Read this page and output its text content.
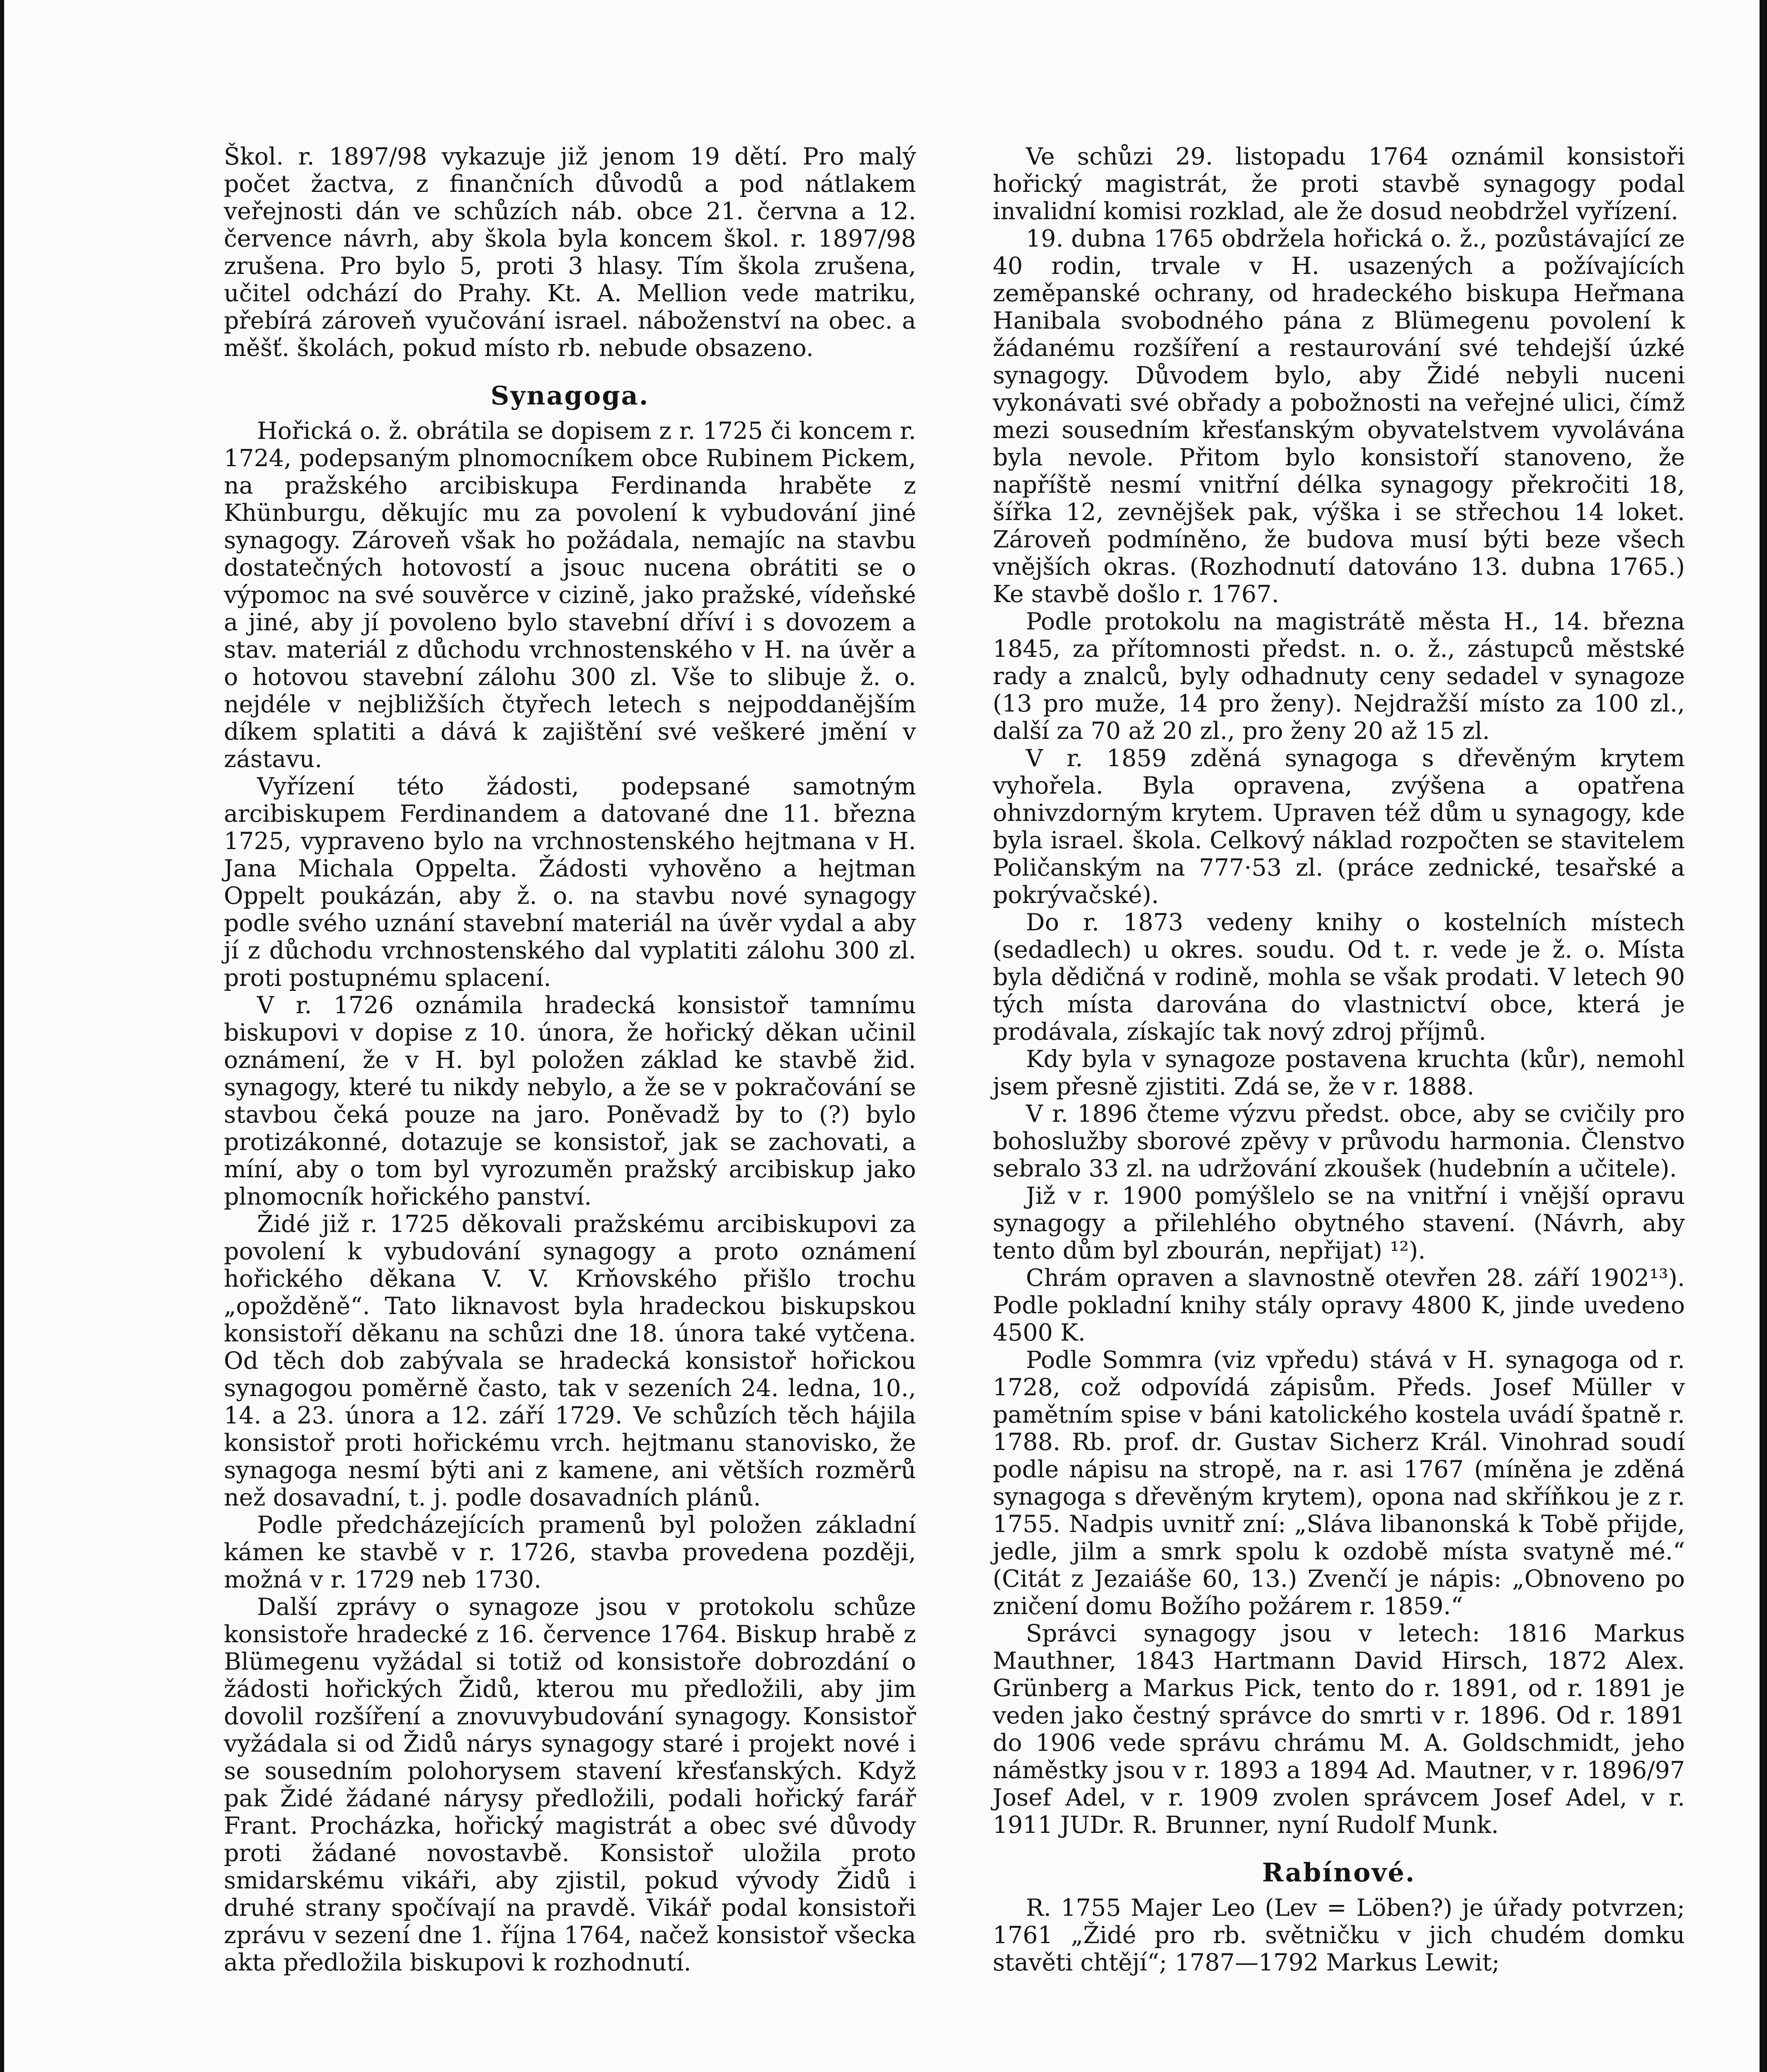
Škol. r. 1897/98 vykazuje již jenom 19 dětí. Pro malý počet žactva, z finančních důvodů a pod nátlakem veřejnosti dán ve schůzích náb. obce 21. června a 12. července návrh, aby škola byla koncem škol. r. 1897/98 zrušena. Pro bylo 5, proti 3 hlasy. Tím škola zrušena, učitel odchází do Prahy. Kt. A. Mellion vede matriku, přebírá zároveň vyučování israel. náboženství na obec. a měšť. školách, pokud místo rb. nebude obsazeno.

Synagoga.

Hořická o. ž. obrátila se dopisem z r. 1725 či koncem r. 1724, podepsaným plnomocníkem obce Rubinem Pickem, na pražského arcibiskupa Ferdinanda hraběte z Khünburgu, děkujíc mu za povolení k vybudování jiné synagogy. Zároveň však ho požádala, nemajíc na stavbu dostatečných hotovostí a jsouc nucena obrátiti se o výpomoc na své souvěrce v cizině, jako pražské, vídeňské a jiné, aby jí povoleno bylo stavební dříví i s dovozem a stav. materiál z důchodu vrchnostenského v H. na úvěr a o hotovou stavební zálohu 300 zl. Vše to slibuje ž. o. nejdéle v nejbližších čtyřech letech s nejpoddanějším díkem splatiti a dává k zajištění své veškeré jmění v zástavu.

Vyřízení této žádosti, podepsané samotným arcibiskupem Ferdinandem a datované dne 11. března 1725, vypraveno bylo na vrchnostenského hejtmana v H. Jana Michala Oppelta. Žádosti vyhověno a hejtman Oppelt poukázán, aby ž. o. na stavbu nové synagogy podle svého uznání stavební materiál na úvěr vydal a aby jí z důchodu vrchnostenského dal vyplatiti zálohu 300 zl. proti postupnému splacení.

V r. 1726 oznámila hradecká konsistoř tamnímu biskupovi v dopise z 10. února, že hořický děkan učinil oznámení, že v H. byl položen základ ke stavbě žid. synagogy, které tu nikdy nebylo, a že se v pokračování se stavbou čeká pouze na jaro. Poněvadž by to (?) bylo protizákonné, dotazuje se konsistoř, jak se zachovati, a míní, aby o tom byl vyrozuměn pražský arcibiskup jako plnomocník hořického panství.

Židé již r. 1725 děkovali pražskému arcibiskupovi za povolení k vybudování synagogy a proto oznámení hořického děkana V. V. Krňovského přišlo trochu „opožděně“. Tato liknavost byla hradeckou biskupskou konsistoří děkanu na schůzi dne 18. února také vytčena. Od těch dob zabývala se hradecká konsistoř hořickou synagogou poměrně často, tak v sezeních 24. ledna, 10., 14. a 23. února a 12. září 1729. Ve schůzích těch hájila konsistoř proti hořickému vrch. hejtmanu stanovisko, že synagoga nesmí býti ani z kamene, ani větších rozměrů než dosavadní, t. j. podle dosavadních plánů.

Podle předcházejících pramenů byl položen základní kámen ke stavbě v r. 1726, stavba provedena později, možná v r. 1729 neb 1730.

Další zprávy o synagoze jsou v protokolu schůze konsistoře hradecké z 16. července 1764. Biskup hrabě z Blümegenu vyžádal si totiž od konsistoře dobrozdání o žádosti hořických Židů, kterou mu předložili, aby jim dovolil rozšíření a znovuvybudování synagogy. Konsistoř vyžádala si od Židů nárys synagogy staré i projekt nové i se sousedním polohorysem stavení křesťanských. Když pak Židé žádané nárysy předložili, podali hořický farář Frant. Procházka, hořický magistrát a obec své důvody proti žádané novostavbě. Konsistoř uložila proto smidarskému vikáři, aby zjistil, pokud vývody Židů i druhé strany spočívají na pravdě. Vikář podal konsistoři zprávu v sezení dne 1. října 1764, načež konsistoř všecka akta předložila biskupovi k rozhodnutí.

Ve schůzi 29. listopadu 1764 oznámil konsistoři hořický magistrát, že proti stavbě synagogy podal invalidní komisi rozklad, ale že dosud neobdržel vyřízení.

19. dubna 1765 obdržela hořická o. ž., pozůstávající ze 40 rodin, trvale v H. usazených a požívajících zeměpanské ochrany, od hradeckého biskupa Heřmana Hanibala svobodného pána z Blümegenu povolení k žádanému rozšíření a restaurování své tehdejší úzké synagogy. Důvodem bylo, aby Židé nebyli nuceni vykonávati své obřady a pobožnosti na veřejné ulici, čímž mezi sousedním křesťanským obyvatelstvem vyvolávána byla nevole. Přitom bylo konsistoří stanoveno, že napříště nesmí vnitřní délka synagogy překročiti 18, šířka 12, zevnějšek pak, výška i se střechou 14 loket. Zároveň podmíněno, že budova musí býti beze všech vnějších okras. (Rozhodnutí datováno 13. dubna 1765.) Ke stavbě došlo r. 1767.

Podle protokolu na magistrátě města H., 14. března 1845, za přítomnosti předst. n. o. ž., zástupců městské rady a znalců, byly odhadnuty ceny sedadel v synagoze (13 pro muže, 14 pro ženy). Nejdražší místo za 100 zl., další za 70 až 20 zl., pro ženy 20 až 15 zl.

V r. 1859 zděná synagoga s dřevěným krytem vyhořela. Byla opravena, zvýšena a opatřena ohnivzdorným krytem. Upraven též dům u synagogy, kde byla israel. škola. Celkový náklad rozpočten se stavitelem Poličanským na 777·53 zl. (práce zednické, tesařské a pokrývačské).

Do r. 1873 vedeny knihy o kostelních místech (sedadlech) u okres. soudu. Od t. r. vede je ž. o. Místa byla dědičná v rodině, mohla se však prodati. V letech 90 tých místa darována do vlastnictví obce, která je prodávala, získajíc tak nový zdroj příjmů.

Kdy byla v synagoze postavena kruchta (kůr), nemohl jsem přesně zjistiti. Zdá se, že v r. 1888.

V r. 1896 čteme výzvu předst. obce, aby se cvičily pro bohoslužby sborové zpěvy v průvodu harmonia. Členstvo sebralo 33 zl. na udržování zkoušek (hudebnín a učitele).

Již v r. 1900 pomýšlelo se na vnitřní i vnější opravu synagogy a přilehlého obytného stavení. (Návrh, aby tento dům byl zbourán, nepřijat) ¹²).

Chrám opraven a slavnostně otevřen 28. září 1902¹³). Podle pokladní knihy stály opravy 4800 K, jinde uvedeno 4500 K.

Podle Sommra (viz vpředu) stává v H. synagoga od r. 1728, což odpovídá zápisům. Předs. Josef Müller v pamětním spise v báni katolického kostela uvádí špatně r. 1788. Rb. prof. dr. Gustav Sicherz Král. Vinohrad soudí podle nápisu na stropě, na r. asi 1767 (míněna je zděná synagoga s dřevěným krytem), opona nad skříňkou je z r. 1755. Nadpis uvnitř zní: „Sláva libanonská k Tobě přijde, jedle, jilm a smrk spolu k ozdobě místa svatyně mé.“ (Citát z Jezaiáše 60, 13.) Zvenčí je nápis: „Obnoveno po zničení domu Božího požárem r. 1859.“

Správci synagogy jsou v letech: 1816 Markus Mauthner, 1843 Hartmann David Hirsch, 1872 Alex. Grünberg a Markus Pick, tento do r. 1891, od r. 1891 je veden jako čestný správce do smrti v r. 1896. Od r. 1891 do 1906 vede správu chrámu M. A. Goldschmidt, jeho náměstky jsou v r. 1893 a 1894 Ad. Mautner, v r. 1896/97 Josef Adel, v r. 1909 zvolen správcem Josef Adel, v r. 1911 JUDr. R. Brunner, nyní Rudolf Munk.

Rabínové.

R. 1755 Majer Leo (Lev = Löben?) je úřady potvrzen; 1761 „Židé pro rb. světničku v jich chudém domku stavěti chtějí“; 1787—1792 Markus Lewit;
